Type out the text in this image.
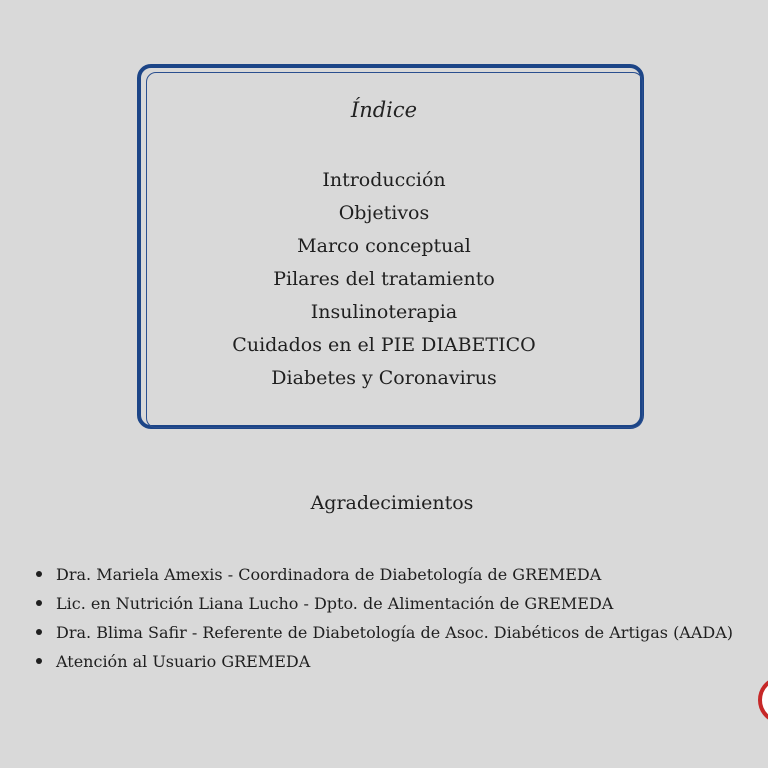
Índice
Introducción
Objetivos
Marco conceptual
Pilares del tratamiento
Insulinoterapia
Cuidados en el PIE DIABETICO
Diabetes y Coronavirus
Agradecimientos
Dra. Mariela Amexis - Coordinadora de Diabetología de GREMEDA
Lic. en Nutrición Liana Lucho - Dpto. de Alimentación de GREMEDA
Dra. Blima Safir - Referente de Diabetología de Asoc. Diabéticos de Artigas (AADA)
Atención al Usuario GREMEDA
